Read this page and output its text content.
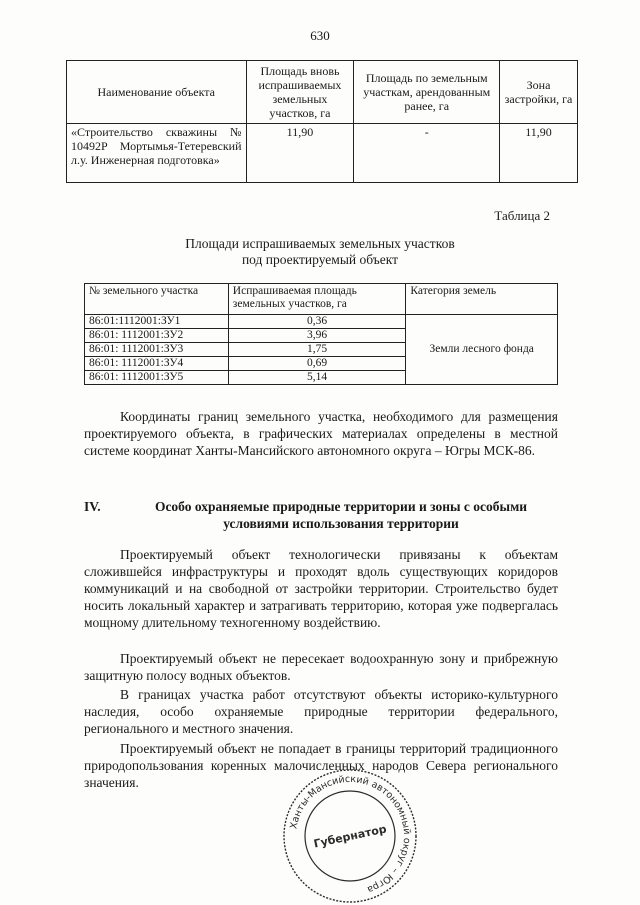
630
Наименование объекта	Площадь вновь испрашиваемых земельных участков, га	Площадь по земельным участкам, арендованным ранее, га	Зона застройки, га
«Строительство скважины № 10492Р Мортымья-Тетеревский л.у. Инженерная подготовка»	11,90	-	11,90
Таблица 2
Площади испрашиваемых земельных участков
под проектируемый объект
№ земельного участка	Испрашиваемая площадь земельных участков, га	Категория земель
86:01:1112001:ЗУ1	0,36	Земли лесного фонда
86:01: 1112001:ЗУ2	3,96	
86:01: 1112001:ЗУ3	1,75	
86:01: 1112001:ЗУ4	0,69	
86:01: 1112001:ЗУ5	5,14	

Координаты границ земельного участка, необходимого для размещения проектируемого объекта, в графических материалах определены в местной системе координат Ханты-Мансийского автономного округа – Югры МСК-86.

IV.	Особо охраняемые природные территории и зоны с особыми условиями использования территории

Проектируемый объект технологически привязаны к объектам сложившейся инфраструктуры и проходят вдоль существующих коридоров коммуникаций и на свободной от застройки территории. Строительство будет носить локальный характер и затрагивать территорию, которая уже подвергалась мощному длительному техногенному воздействию.

Проектируемый объект не пересекает водоохранную зону и прибрежную защитную полосу водных объектов.

В границах участка работ отсутствуют объекты историко-культурного наследия, особо охраняемые природные территории федерального, регионального и местного значения.

Проектируемый объект не попадает в границы территорий традиционного природопользования коренных малочисленных народов Севера регионального значения.

Ханты-Мансийский автономный округ – Югра
Губернатор
